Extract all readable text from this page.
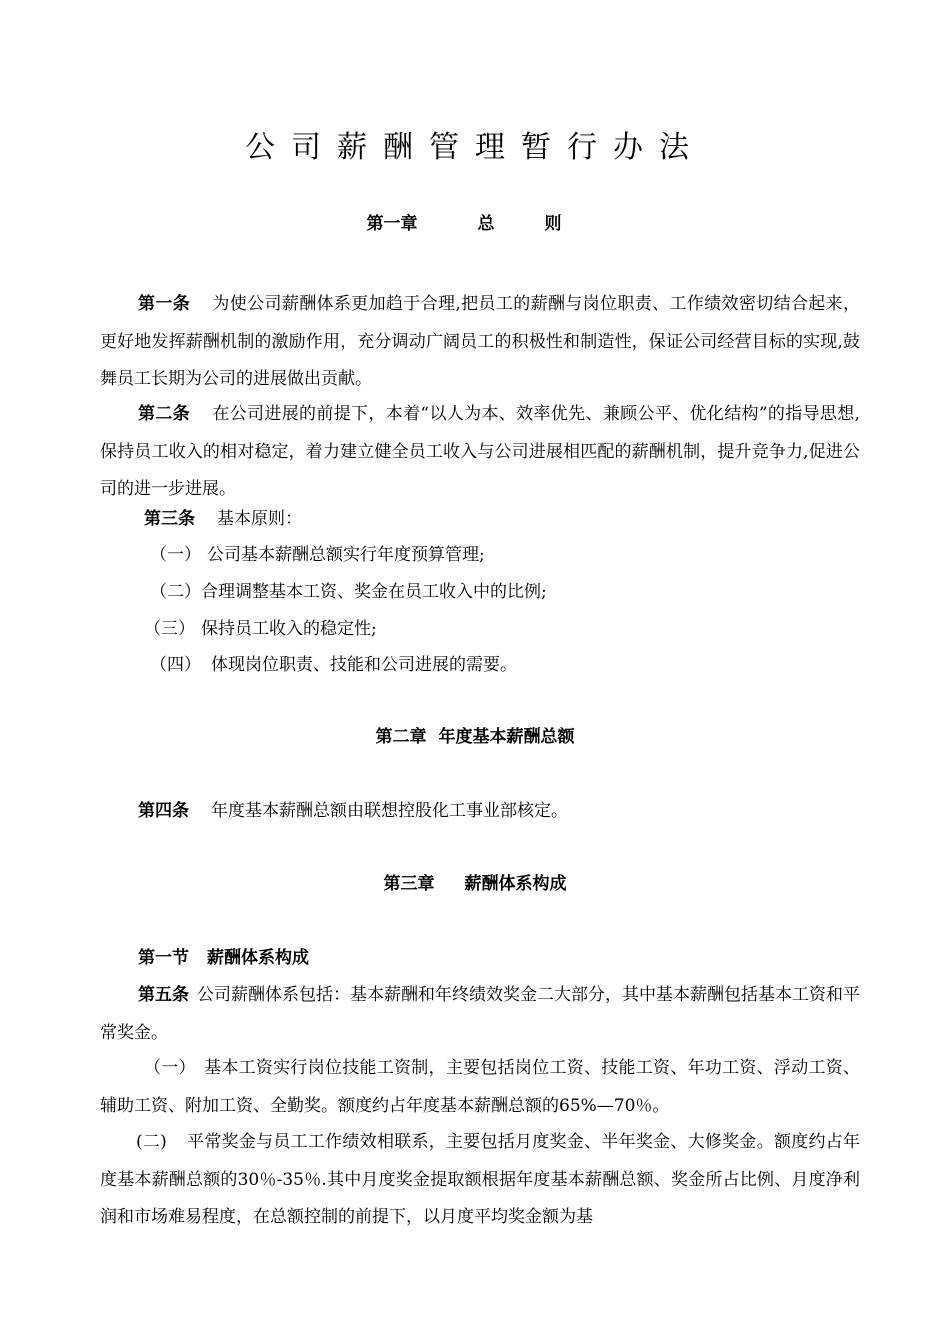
公司薪酬管理暂行办法
第一章	总 则
第一条 为使公司薪酬体系更加趋于合理,把员工的薪酬与岗位职责、工作绩效密切结合起来，更好地发挥薪酬机制的激励作用，充分调动广阔员工的积极性和制造性，保证公司经营目标的实现,鼓舞员工长期为公司的进展做出贡献。
第二条 在公司进展的前提下，本着“以人为本、效率优先、兼顾公平、优化结构”的指导思想,保持员工收入的相对稳定，着力建立健全员工收入与公司进展相匹配的薪酬机制，提升竞争力,促进公司的进一步进展。
第三条 基本原则：
（一） 公司基本薪酬总额实行年度预算管理;
（二）合理调整基本工资、奖金在员工收入中的比例;
（三） 保持员工收入的稳定性;
（四） 体现岗位职责、技能和公司进展的需要。
第二章 年度基本薪酬总额
第四条 年度基本薪酬总额由联想控股化工事业部核定。
第三章 薪酬体系构成
第一节 薪酬体系构成
第五条 公司薪酬体系包括：基本薪酬和年终绩效奖金二大部分，其中基本薪酬包括基本工资和平常奖金。
（一） 基本工资实行岗位技能工资制，主要包括岗位工资、技能工资、年功工资、浮动工资、辅助工资、附加工资、全勤奖。额度约占年度基本薪酬总额的65%—70％。
(二) 平常奖金与员工工作绩效相联系，主要包括月度奖金、半年奖金、大修奖金。额度约占年度基本薪酬总额的30％-35％.其中月度奖金提取额根据年度基本薪酬总额、奖金所占比例、月度净利润和市场难易程度，在总额控制的前提下，以月度平均奖金额为基
